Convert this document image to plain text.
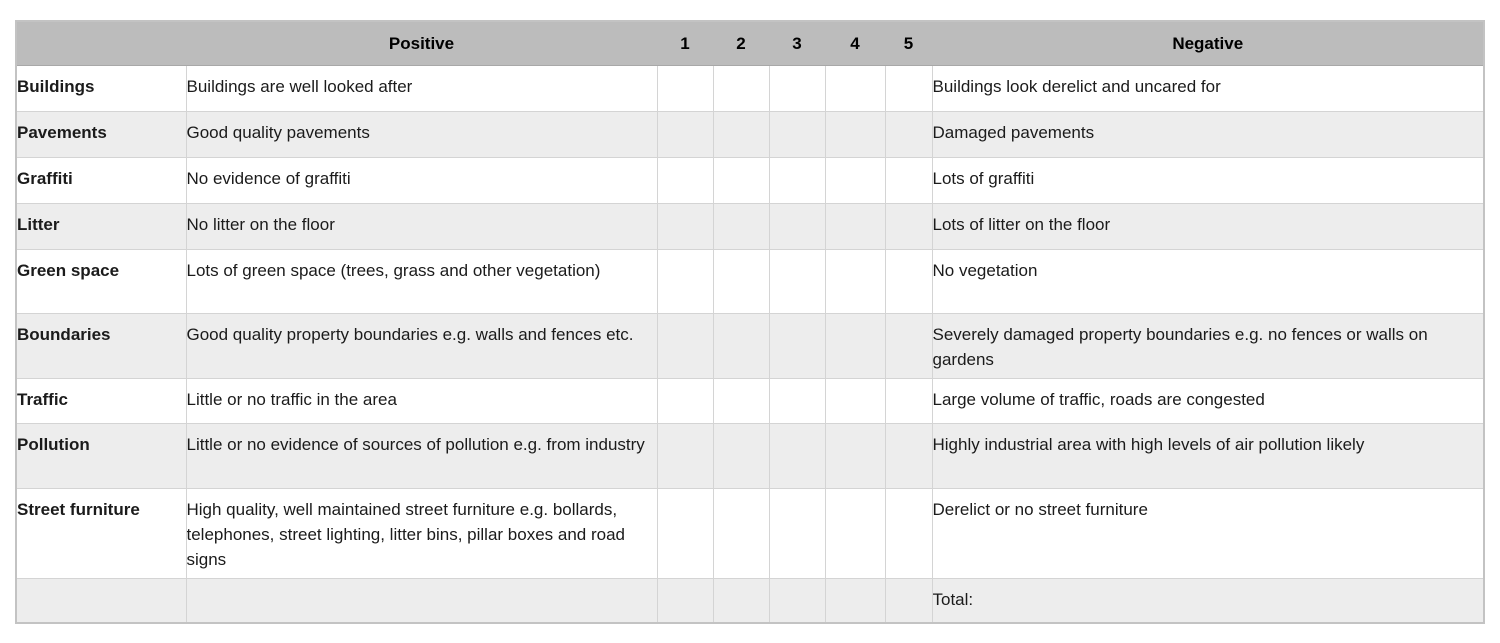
	Positive	1	2	3	4	5	Negative
Buildings	Buildings are well looked after						Buildings look derelict and uncared for
Pavements	Good quality pavements						Damaged pavements
Graffiti	No evidence of graffiti						Lots of graffiti
Litter	No litter on the floor						Lots of litter on the floor
Green space	Lots of green space (trees, grass and other vegetation)						No vegetation
Boundaries	Good quality property boundaries e.g. walls and fences etc.						Severely damaged property boundaries e.g. no fences or walls on gardens
Traffic	Little or no traffic in the area						Large volume of traffic, roads are congested
Pollution	Little or no evidence of sources of pollution e.g. from industry						Highly industrial area with high levels of air pollution likely
Street furniture	High quality, well maintained street furniture e.g. bollards, telephones, street lighting, litter bins, pillar boxes and road signs						Derelict or no street furniture
							Total:
